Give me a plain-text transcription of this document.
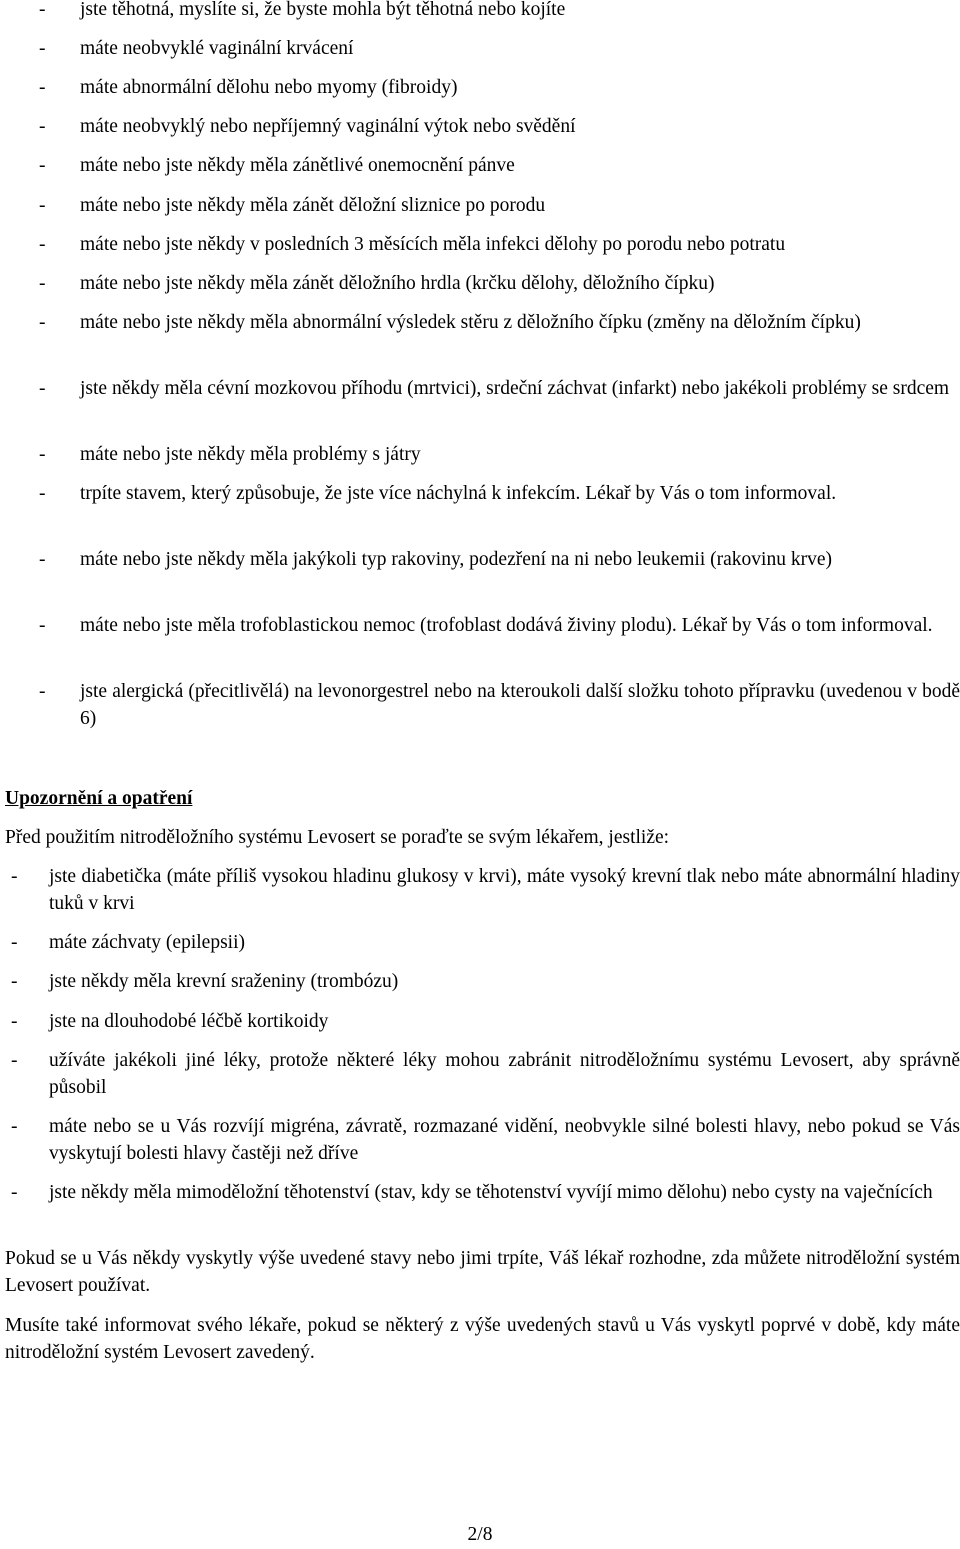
- jste těhotná, myslíte si, že byste mohla být těhotná nebo kojíte
- máte neobvyklé vaginální krvácení
- máte abnormální dělohu nebo myomy (fibroidy)
- máte neobvyklý nebo nepříjemný vaginální výtok nebo svědění
- máte nebo jste někdy měla zánětlivé onemocnění pánve
- máte nebo jste někdy měla zánět děložní sliznice po porodu
- máte nebo jste někdy v posledních 3 měsících měla infekci dělohy po porodu nebo potratu
- máte nebo jste někdy měla zánět děložního hrdla (krčku dělohy, děložního čípku)
- máte nebo jste někdy měla abnormální výsledek stěru z děložního čípku (změny na děložním čípku)
- jste někdy měla cévní mozkovou příhodu (mrtvici), srdeční záchvat (infarkt) nebo jakékoli problémy se srdcem
- máte nebo jste někdy měla problémy s játry
- trpíte stavem, který způsobuje, že jste více náchylná k infekcím. Lékař by Vás o tom informoval.
- máte nebo jste někdy měla jakýkoli typ rakoviny, podezření na ni nebo leukemii (rakovinu krve)
- máte nebo jste měla trofoblastickou nemoc (trofoblast dodává živiny plodu). Lékař by Vás o tom informoval.
- jste alergická (přecitlivělá) na levonorgestrel nebo na kteroukoli další složku tohoto přípravku (uvedenou v bodě 6)
Upozornění a opatření
Před použitím nitroděložního systému Levosert se poraďte se svým lékařem, jestliže:
- jste diabetička (máte příliš vysokou hladinu glukosy v krvi), máte vysoký krevní tlak nebo máte abnormální hladiny tuků v krvi
- máte záchvaty (epilepsii)
- jste někdy měla krevní sraženiny (trombózu)
- jste na dlouhodobé léčbě kortikoidy
- užíváte jakékoli jiné léky, protože některé léky mohou zabránit nitroděložnímu systému Levosert, aby správně působil
- máte nebo se u Vás rozvíjí migréna, závratě, rozmazané vidění, neobvykle silné bolesti hlavy, nebo pokud se Vás vyskytují bolesti hlavy častěji než dříve
- jste někdy měla mimoděložní těhotenství (stav, kdy se těhotenství vyvíjí mimo dělohu) nebo cysty na vaječnících
Pokud se u Vás někdy vyskytly výše uvedené stavy nebo jimi trpíte, Váš lékař rozhodne, zda můžete nitroděložní systém Levosert používat.
Musíte také informovat svého lékaře, pokud se některý z výše uvedených stavů u Vás vyskytl poprvé v době, kdy máte nitroděložní systém Levosert zavedený.
2/8
